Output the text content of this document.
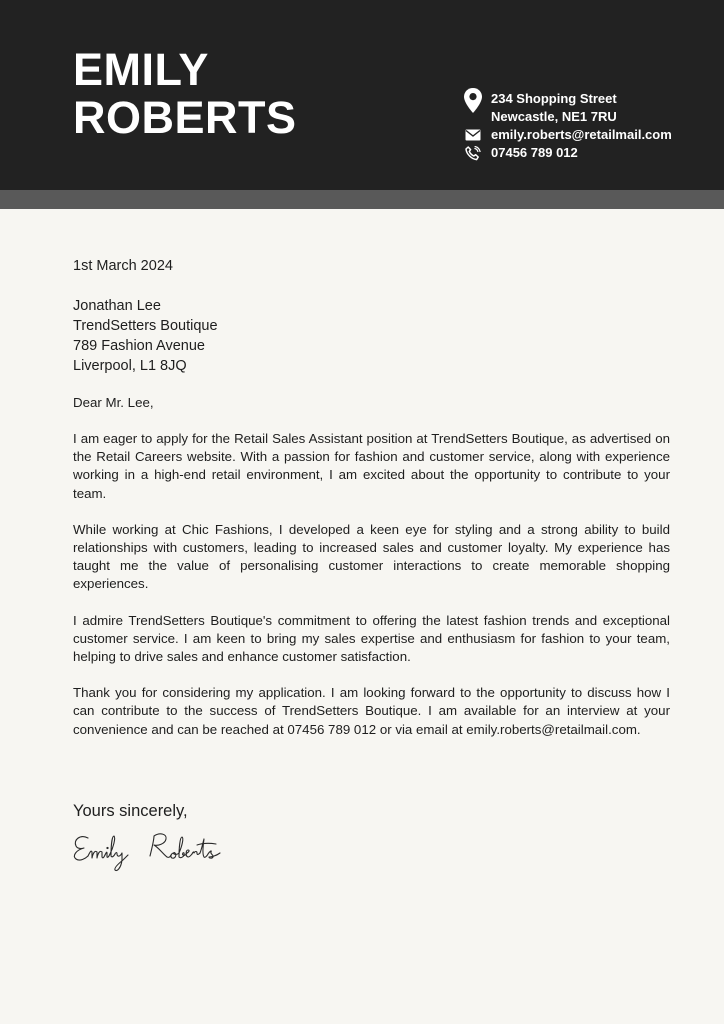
EMILY
ROBERTS	234 Shopping Street
Newcastle, NE1 7RU
emily.roberts@retailmail.com
07456 789 012
1st March 2024
Jonathan Lee
TrendSetters Boutique
789 Fashion Avenue
Liverpool, L1 8JQ
Dear Mr. Lee,

I am eager to apply for the Retail Sales Assistant position at TrendSetters Boutique, as advertised on the Retail Careers website. With a passion for fashion and customer service, along with experience working in a high-end retail environment, I am excited about the opportunity to contribute to your team.

While working at Chic Fashions, I developed a keen eye for styling and a strong ability to build relationships with customers, leading to increased sales and customer loyalty. My experience has taught me the value of personalising customer interactions to create memorable shopping experiences.

I admire TrendSetters Boutique's commitment to offering the latest fashion trends and exceptional customer service. I am keen to bring my sales expertise and enthusiasm for fashion to your team, helping to drive sales and enhance customer satisfaction.

Thank you for considering my application. I am looking forward to the opportunity to discuss how I can contribute to the success of TrendSetters Boutique. I am available for an interview at your convenience and can be reached at 07456 789 012 or via email at emily.roberts@retailmail.com.

Yours sincerely,
